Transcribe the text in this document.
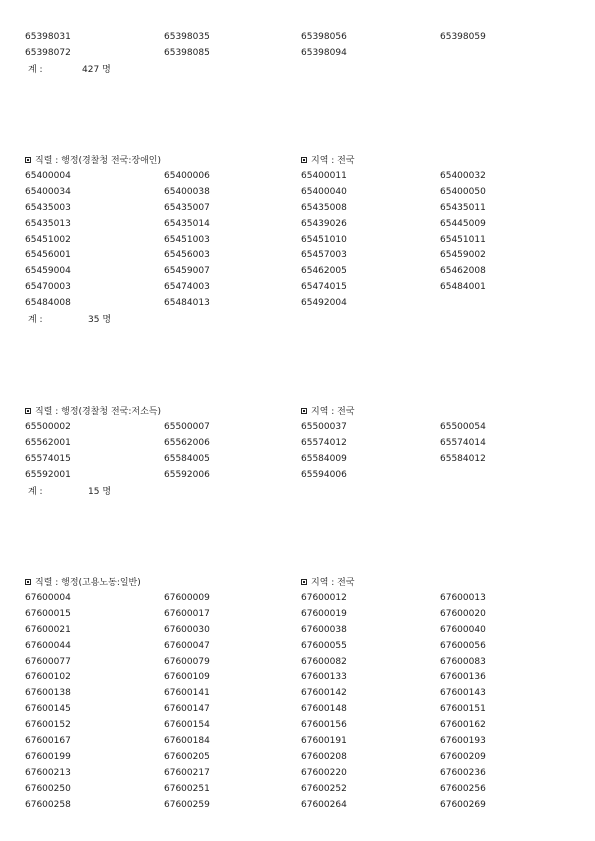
65398031	65398035	65398056	65398059
65398072	65398085	65398094
계 :	427 명
직렬 : 행정(경찰청 전국:장애인)	지역 : 전국
65400004	65400006	65400011	65400032
65400034	65400038	65400040	65400050
65435003	65435007	65435008	65435011
65435013	65435014	65439026	65445009
65451002	65451003	65451010	65451011
65456001	65456003	65457003	65459002
65459004	65459007	65462005	65462008
65470003	65474003	65474015	65484001
65484008	65484013	65492004
계 :	35 명
직렬 : 행정(경찰청 전국:저소득)	지역 : 전국
65500002	65500007	65500037	65500054
65562001	65562006	65574012	65574014
65574015	65584005	65584009	65584012
65592001	65592006	65594006
계 :	15 명
직렬 : 행정(고용노동:일반)	지역 : 전국
67600004	67600009	67600012	67600013
67600015	67600017	67600019	67600020
67600021	67600030	67600038	67600040
67600044	67600047	67600055	67600056
67600077	67600079	67600082	67600083
67600102	67600109	67600133	67600136
67600138	67600141	67600142	67600143
67600145	67600147	67600148	67600151
67600152	67600154	67600156	67600162
67600167	67600184	67600191	67600193
67600199	67600205	67600208	67600209
67600213	67600217	67600220	67600236
67600250	67600251	67600252	67600256
67600258	67600259	67600264	67600269
